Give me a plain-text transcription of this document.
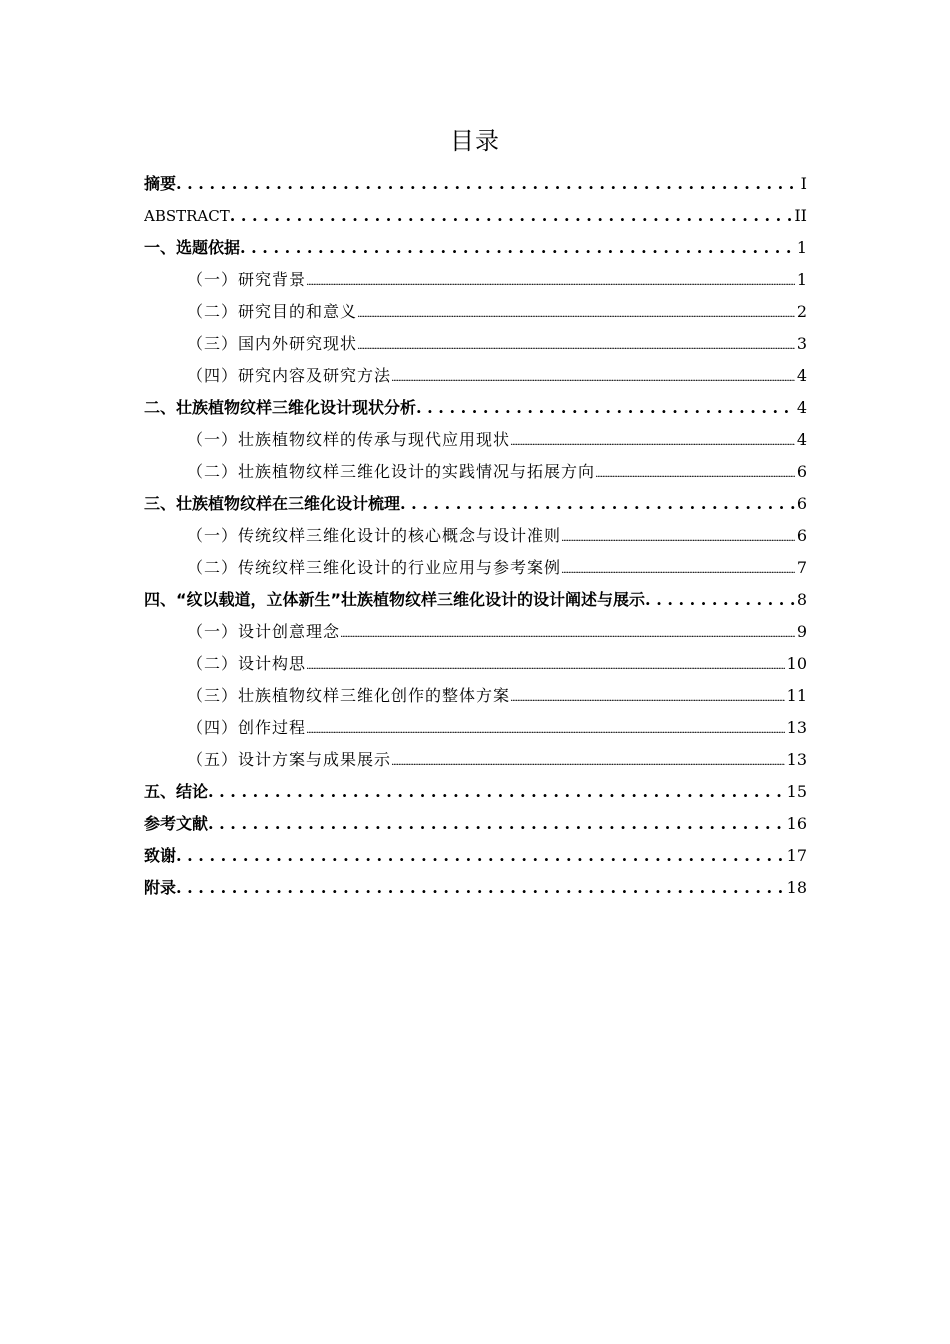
目录
摘要 . . .	I
ABSTRACT . . .	II
一、选题依据 . . .	1
（一）研究背景 .....	1
（二）研究目的和意义 .....	2
（三）国内外研究现状 .....	3
（四）研究内容及研究方法 .....	4
二、壮族植物纹样三维化设计现状分析 . . .	4
（一）壮族植物纹样的传承与现代应用现状 .....	4
（二）壮族植物纹样三维化设计的实践情况与拓展方向 .....	6
三、壮族植物纹样在三维化设计梳理 . . .	6
（一）传统纹样三维化设计的核心概念与设计准则 .....	6
（二）传统纹样三维化设计的行业应用与参考案例 .....	7
四、“纹以载道，立体新生”壮族植物纹样三维化设计的设计阐述与展示 . . .	8
（一）设计创意理念 .....	9
（二）设计构思 .....	10
（三）壮族植物纹样三维化创作的整体方案 .....	11
（四）创作过程 .....	13
（五）设计方案与成果展示 .....	13
五、结论 . . .	15
参考文献 . . .	16
致谢 . . .	17
附录 . . .	18
